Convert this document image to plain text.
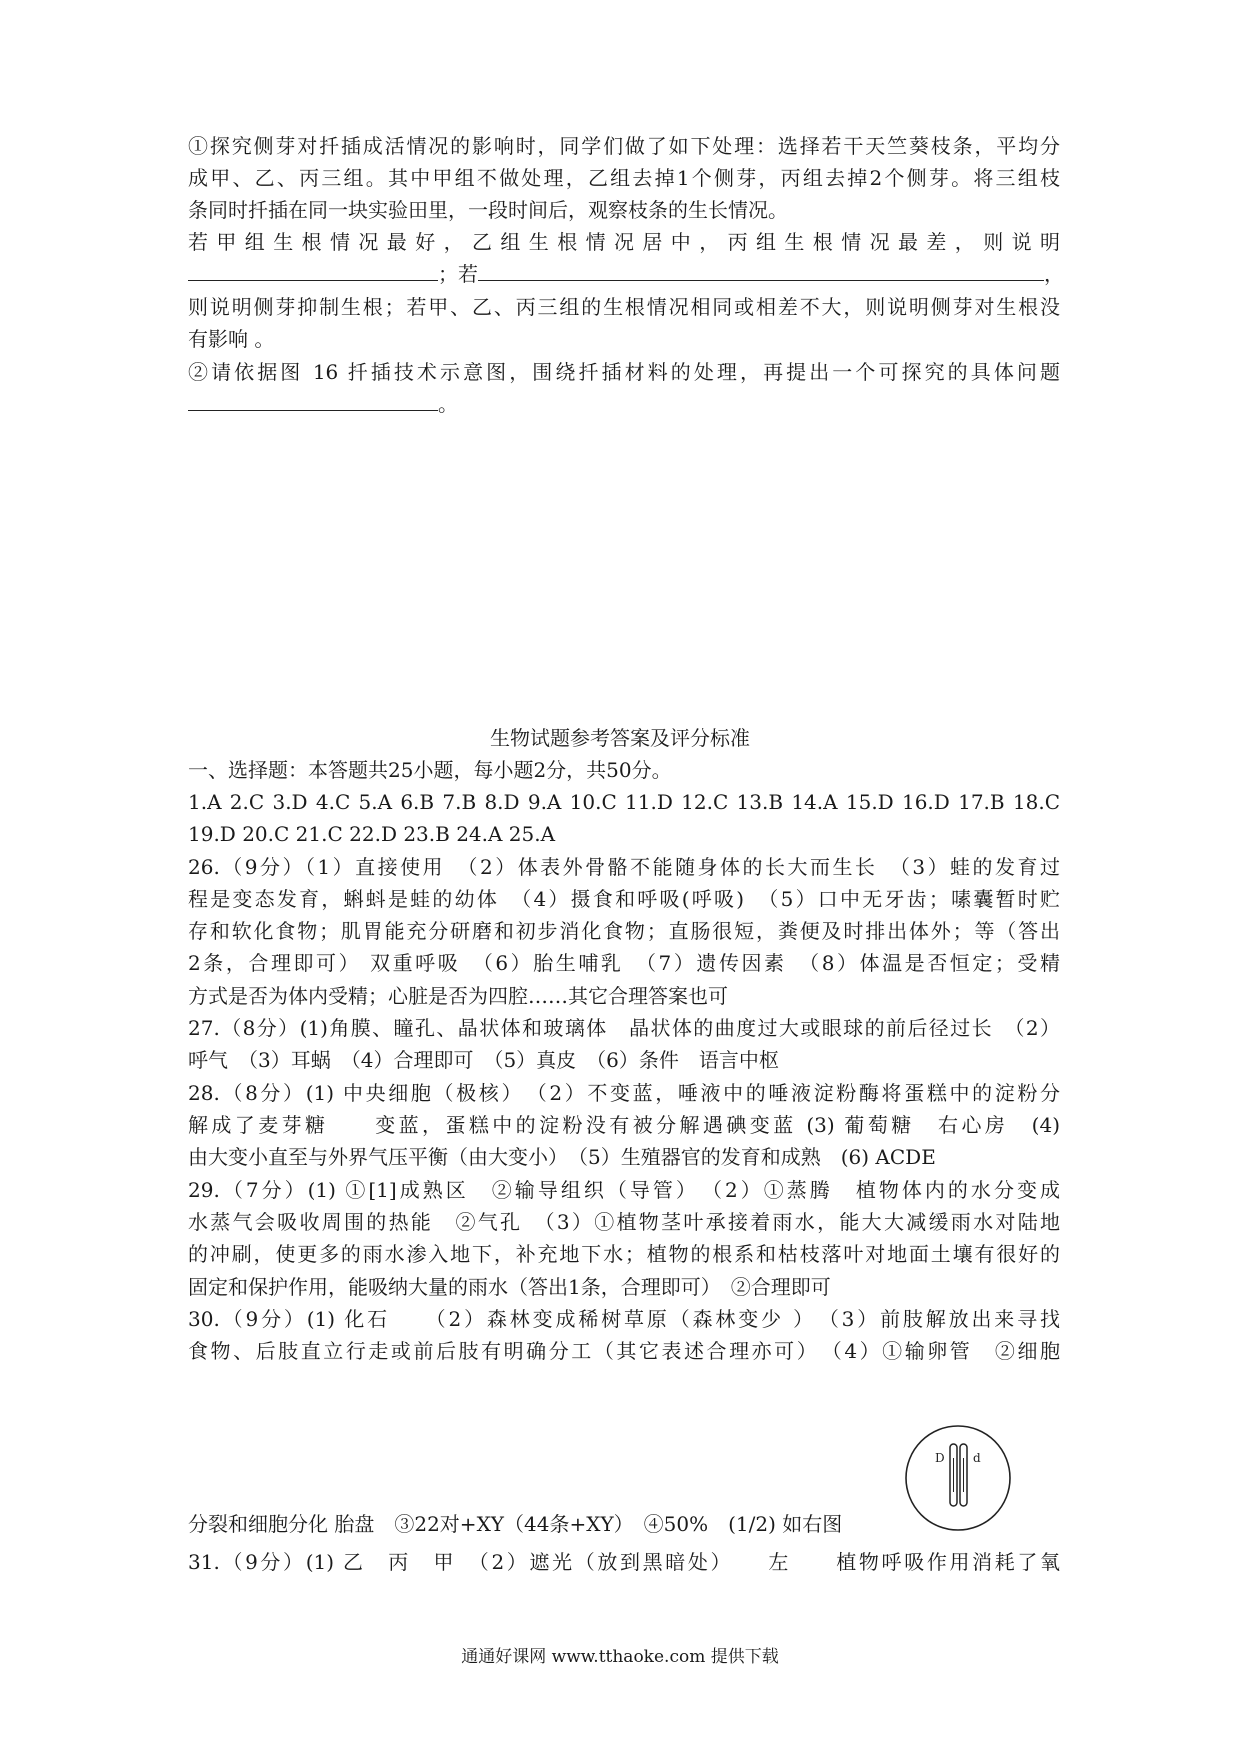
①探究侧芽对扦插成活情况的影响时，同学们做了如下处理：选择若干天竺葵枝条，平均分
成甲、乙、丙三组。其中甲组不做处理，乙组去掉1个侧芽，丙组去掉2个侧芽。将三组枝
条同时扦插在同一块实验田里，一段时间后，观察枝条的生长情况。
若甲组生根情况最好，乙组生根情况居中，丙组生根情况最差，则说明
；若	，
则说明侧芽抑制生根；若甲、乙、丙三组的生根情况相同或相差不大，则说明侧芽对生根没
有影响 。
②请依据图 16 扦插技术示意图，围绕扦插材料的处理，再提出一个可探究的具体问题
。
生物试题参考答案及评分标准
一、选择题：本答题共25小题，每小题2分，共50分。
1.A 2.C 3.D 4.C 5.A 6.B 7.B 8.D 9.A 10.C 11.D 12.C 13.B 14.A 15.D 16.D 17.B 18.C
19.D 20.C 21.C 22.D 23.B 24.A 25.A
26.（9分）（1）直接使用　（2）体表外骨骼不能随身体的长大而生长　（3）蛙的发育过
程是变态发育，蝌蚪是蛙的幼体　（4）摄食和呼吸(呼吸)　（5）口中无牙齿；嗉囊暂时贮
存和软化食物；肌胃能充分研磨和初步消化食物；直肠很短，粪便及时排出体外；等（答出
2条，合理即可） 双重呼吸　（6）胎生哺乳　（7）遗传因素　（8）体温是否恒定；受精
方式是否为体内受精；心脏是否为四腔……其它合理答案也可
27.（8分）(1)角膜、瞳孔、晶状体和玻璃体　晶状体的曲度过大或眼球的前后径过长　（2）
呼气　（3）耳蜗　（4）合理即可　（5）真皮　（6）条件　语言中枢
28.（8分）(1) 中央细胞（极核）　（2）不变蓝，唾液中的唾液淀粉酶将蛋糕中的淀粉分
解成了麦芽糖　　变蓝，蛋糕中的淀粉没有被分解遇碘变蓝 (3) 葡萄糖　右心房　(4)
由大变小直至与外界气压平衡（由大变小）　（5）生殖器官的发育和成熟　(6) ACDE
29.（7分）(1) ①[1]成熟区　②输导组织（导管）　（2）①蒸腾　植物体内的水分变成
水蒸气会吸收周围的热能　②气孔　（3）①植物茎叶承接着雨水，能大大减缓雨水对陆地
的冲刷，使更多的雨水渗入地下，补充地下水；植物的根系和枯枝落叶对地面土壤有很好的
固定和保护作用，能吸纳大量的雨水（答出1条，合理即可）　②合理即可
30.（9分）(1) 化石　　（2）森林变成稀树草原（森林变少 ）　（3）前肢解放出来寻找
食物、后肢直立行走或前后肢有明确分工（其它表述合理亦可）　（4）①输卵管　②细胞
D d
分裂和细胞分化 胎盘　③22对+XY（44条+XY）　④50%　(1/2) 如右图
31.（9分）(1) 乙　丙　甲　（2）遮光（放到黑暗处）　　左　　植物呼吸作用消耗了氧
通通好课网 www.tthaoke.com 提供下载
